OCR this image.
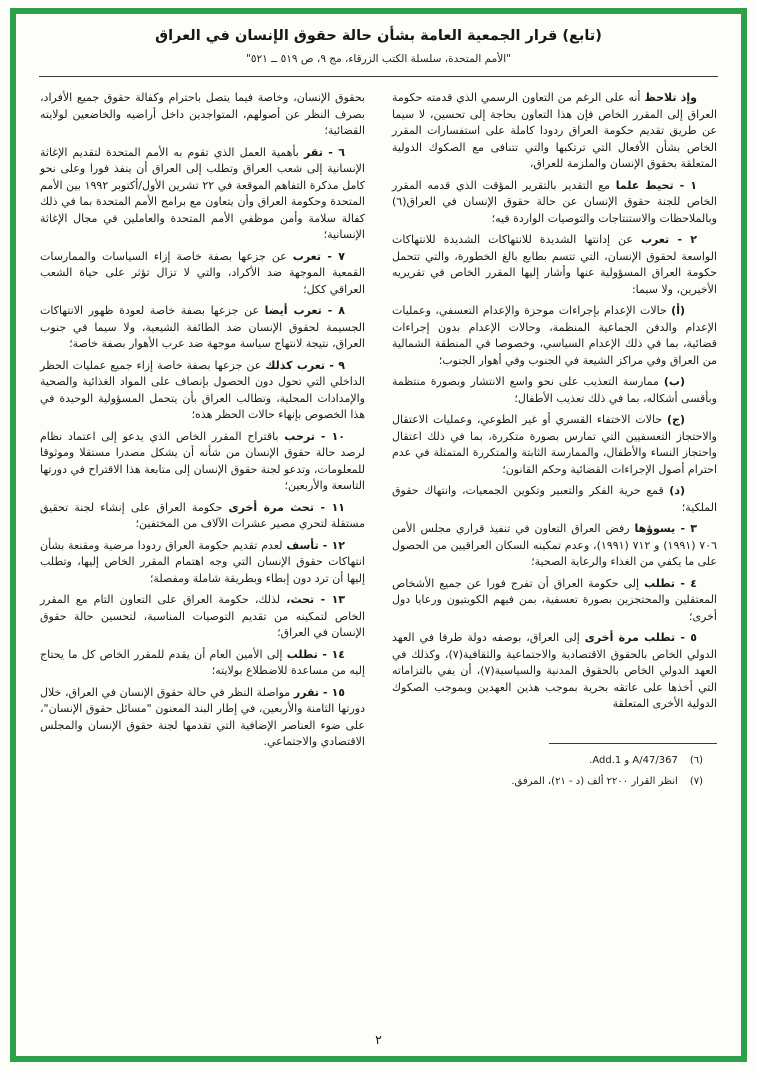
(تابع) قرار الجمعية العامة بشأن حالة حقوق الإنسان في العراق
"الأمم المتحدة، سلسلة الكتب الزرقاء، مج ٩، ص ٥١٩ ــ ٥٢١"

وإذ تلاحظ أنه على الرغم من التعاون الرسمي الذي قدمته حكومة العراق إلى المقرر الخاص فإن هذا التعاون بحاجة إلى تحسين، لا سيما عن طريق تقديم حكومة العراق ردودا كاملة على استفسارات المقرر الخاص بشأن الأفعال التي ترتكبها والتي تتنافى مع الصكوك الدولية المتعلقة بحقوق الإنسان والملزمة للعراق،

١ - تحيط علما مع التقدير بالتقرير المؤقت الذي قدمه المقرر الخاص للجنة حقوق الإنسان عن حالة حقوق الإنسان في العراق(٦) وبالملاحظات والاستنتاجات والتوصيات الواردة فيه؛

٢ - تعرب عن إدانتها الشديدة للانتهاكات الشديدة للانتهاكات الواسعة لحقوق الإنسان، التي تتسم بطابع بالغ الخطورة، والتي تتحمل حكومة العراق المسؤولية عنها وأشار إليها المقرر الخاص في تقريريه الأخيرين، ولا سيما:

(أ) حالات الإعدام بإجراءات موجزة والإعدام التعسفي، وعمليات الإعدام والدفن الجماعية المنظمة، وحالات الإعدام بدون إجراءات قضائية، بما في ذلك الإعدام السياسي، وخصوصا في المنطقة الشمالية من العراق وفي مراكز الشيعة في الجنوب وفي أهوار الجنوب؛

(ب) ممارسة التعذيب على نحو واسع الانتشار وبصورة منتظمة وبأقسى أشكاله، بما في ذلك تعذيب الأطفال؛

(ج) حالات الاختفاء القسري أو غير الطوعي، وعمليات الاعتقال والاحتجاز التعسفيين التي تمارس بصورة متكررة، بما في ذلك اعتقال واحتجاز النساء والأطفال، والممارسة الثابتة والمتكررة المتمثلة في عدم احترام أصول الإجراءات القضائية وحكم القانون؛

(د) قمع حرية الفكر والتعبير وتكوين الجمعيات، وانتهاك حقوق الملكية؛

٣ - يسوؤها رفض العراق التعاون في تنفيذ قراري مجلس الأمن ٧٠٦ (١٩٩١) و ٧١٢ (١٩٩١)، وعدم تمكينه السكان العراقيين من الحصول على ما يكفي من الغذاء والرعاية الصحية؛

٤ - تطلب إلى حكومة العراق أن تفرج فورا عن جميع الأشخاص المعتقلين والمحتجزين بصورة تعسفية، بمن فيهم الكويتيون ورعايا دول أخرى؛

٥ - تطلب مرة أخرى إلى العراق، بوصفه دولة طرفا في العهد الدولي الخاص بالحقوق الاقتصادية والاجتماعية والثقافية(٧)، وكذلك في العهد الدولي الخاص بالحقوق المدنية والسياسية(٧)، أن يفي بالتزاماته التي أخذها على عاتقه بحرية بموجب هذين العهدين وبموجب الصكوك الدولية الأخرى المتعلقة

(٦)A/47/367 و Add.1.

(٧)انظر القرار ٢٢٠٠ ألف (د - ٢١)، المرفق.

بحقوق الإنسان، وخاصة فيما يتصل باحترام وكفالة حقوق جميع الأفراد، بصرف النظر عن أصولهم، المتواجدين داخل أراضيه والخاضعين لولايته القضائية؛

٦ - تقر بأهمية العمل الذي تقوم به الأمم المتحدة لتقديم الإغاثة الإنسانية إلى شعب العراق وتطلب إلى العراق أن ينفذ فورا وعلى نحو كامل مذكرة التفاهم الموقعة في ٢٢ تشرين الأول/أكتوبر ١٩٩٢ بين الأمم المتحدة وحكومة العراق وأن يتعاون مع برامج الأمم المتحدة بما في ذلك كفالة سلامة وأمن موظفي الأمم المتحدة والعاملين في مجال الإغاثة الإنسانية؛

٧ - تعرب عن جزعها بصفة خاصة إزاء السياسات والممارسات القمعية الموجهة ضد الأكراد، والتي لا تزال تؤثر على حياة الشعب العراقي ككل؛

٨ - تعرب أيضا عن جزعها بصفة خاصة لعودة ظهور الانتهاكات الجسيمة لحقوق الإنسان ضد الطائفة الشيعية، ولا سيما في جنوب العراق، نتيجة لانتهاج سياسة موجهة ضد عرب الأهوار بصفة خاصة؛

٩ - تعرب كذلك عن جزعها بصفة خاصة إزاء جميع عمليات الحظر الداخلي التي تحول دون الحصول بإنصاف على المواد الغذائية والصحية والإمدادات المحلية، وتطالب العراق بأن يتحمل المسؤولية الوحيدة في هذا الخصوص بإنهاء حالات الحظر هذه؛

١٠ - ترحب باقتراح المقرر الخاص الذي يدعو إلى اعتماد نظام لرصد حالة حقوق الإنسان من شأنه أن يشكل مصدرا مستقلا وموثوقا للمعلومات، وتدعو لجنة حقوق الإنسان إلى متابعة هذا الاقتراح في دورتها التاسعة والأربعين؛

١١ - تحث مرة أخرى حكومة العراق على إنشاء لجنة تحقيق مستقلة لتحري مصير عشرات الآلاف من المختفين؛

١٢ - تأسف لعدم تقديم حكومة العراق ردودا مرضية ومقنعة بشأن انتهاكات حقوق الإنسان التي وجه اهتمام المقرر الخاص إليها، وتطلب إليها أن ترد دون إبطاء وبطريقة شاملة ومفصلة؛

١٣ - تحث، لذلك، حكومة العراق على التعاون التام مع المقرر الخاص لتمكينه من تقديم التوصيات المناسبة، لتحسين حالة حقوق الإنسان في العراق؛

١٤ - تطلب إلى الأمين العام أن يقدم للمقرر الخاص كل ما يحتاج إليه من مساعدة للاضطلاع بولايته؛

١٥ - تقرر مواصلة النظر في حالة حقوق الإنسان في العراق، خلال دورتها الثامنة والأربعين، في إطار البند المعنون "مسائل حقوق الإنسان"، على ضوء العناصر الإضافية التي تقدمها لجنة حقوق الإنسان والمجلس الاقتصادي والاجتماعي.

٢
